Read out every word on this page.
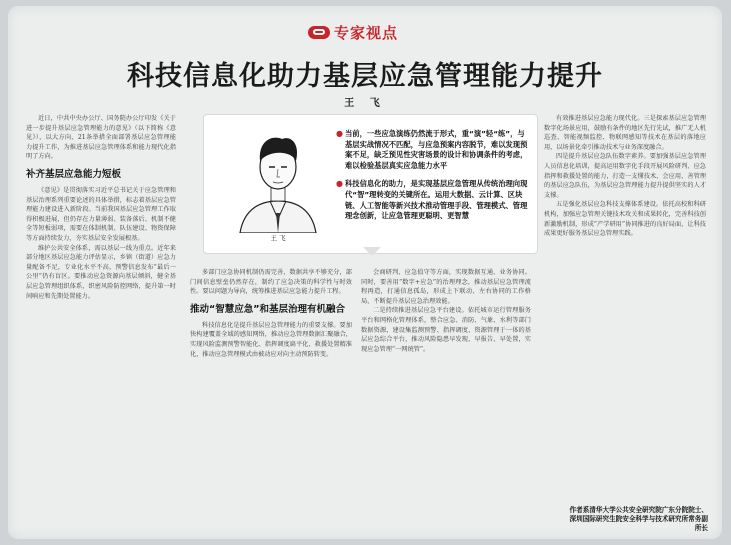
专家视点
科技信息化助力基层应急管理能力提升
王 飞

近日，中共中央办公厅、国务院办公厅印发《关于进一步提升基层应急管理能力的意见》（以下简称《意见》），以大方向、21条举措全面部署基层应急管理能力提升工作，为推进基层应急管理体系和能力现代化指明了方向。

补齐基层应急能力短板

《意见》是贯彻落实习近平总书记关于应急管理和基层治理系列重要论述的具体举措，标志着基层应急管理能力建设进入新阶段。当前我国基层应急管理工作取得积极进展，但仍存在力量薄弱、装备落后、机制不健全等短板弱项，需要在体制机制、队伍建设、物资保障等方面持续发力，夯实基层安全发展根基。

维护公共安全体系，需以基层一线为重点。近年来部分地区基层应急能力评估显示，乡镇（街道）应急力量配备不足，专业化水平不高，预警信息发布“最后一公里”仍有盲区。要推动应急资源向基层倾斜，健全基层应急管理组织体系，织密风险防控网络，提升第一时间响应和先期处置能力。

王 飞
● 当前，一些应急演练仍然流于形式，重“演”轻“练”，与基层实战情况不匹配，与应急预案内容脱节，难以发现预案不足，缺乏预见性灾害场景的设计和协调条件的考虑，难以检验基层真实应急能力水平
● 科技信息化的助力，是实现基层应急管理从传统治理向现代“智”理转变的关键所在。运用大数据、云计算、区块链、人工智能等新兴技术推动管理手段、管理模式、管理理念创新，让应急管理更聪明、更智慧

多部门应急协同机制仍需完善，数据共享不够充分，部门间信息壁垒仍然存在，制约了应急决策的科学性与时效性。要以问题为导向，统筹推进基层应急能力提升工程。

推动“智慧应急”和基层治理有机融合

科技信息化是提升基层应急管理能力的重要支撑。要加快构建覆盖全域的感知网络，推动应急管理数据汇聚融合，实现风险监测预警智能化、指挥调度扁平化、救援处置精准化，推动应急管理模式由被动应对向主动预防转变。

会商研判、应急值守等方面，实现数据互通、业务协同。同时，要善用“数字+应急”的治理理念，推动基层应急管理流程再造，打通信息孤岛，形成上下联动、左右协同的工作格局，不断提升基层应急治理效能。

二是持续推进基层应急平台建设。依托城市运行管理服务平台和网格化管理体系，整合应急、消防、气象、水利等部门数据资源，建设集监测预警、指挥调度、资源管理于一体的基层应急综合平台，推动风险隐患早发现、早报告、早处置，实现应急管理“一网统管”。

有效推进基层应急能力现代化。三是探索基层应急管理数字化场景应用，鼓励有条件的地区先行先试，推广无人机巡查、智能视频监控、物联网感知等技术在基层的落地应用，以场景化牵引推动技术与业务深度融合。

四是提升基层应急队伍数字素养。要加强基层应急管理人员信息化培训，提高运用数字化手段开展风险研判、应急指挥和救援处置的能力，打造一支懂技术、会应用、善管理的基层应急队伍，为基层应急管理能力提升提供坚实的人才支撑。

五是强化基层应急科技支撑体系建设。依托高校和科研机构，加强应急管理关键技术攻关和成果转化，完善科技创新激励机制，形成“产学研用”协同推进的良好局面，让科技成果更好服务基层应急管理实践。

作者系清华大学公共安全研究院广东分院院士、深圳国际研究生院安全科学与技术研究所常务副所长
